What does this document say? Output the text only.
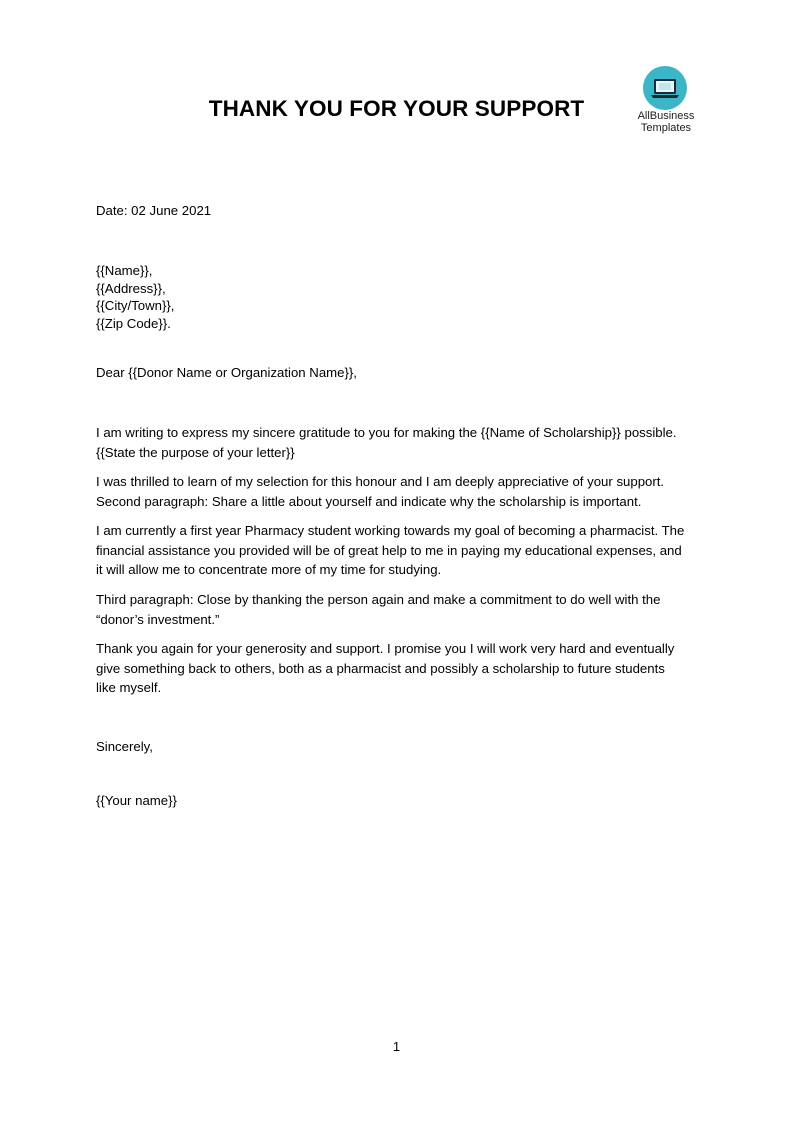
THANK YOU FOR YOUR SUPPORT	AllBusiness
Templates

Date: 02 June 2021

{{Name}},
{{Address}},
{{City/Town}},
{{Zip Code}}.

Dear {{Donor Name or Organization Name}},

I am writing to express my sincere gratitude to you for making the {{Name of Scholarship}} possible.
{{State the purpose of your letter}}
I was thrilled to learn of my selection for this honour and I am deeply appreciative of your support.
Second paragraph: Share a little about yourself and indicate why the scholarship is important.
I am currently a first year Pharmacy student working towards my goal of becoming a pharmacist. The
financial assistance you provided will be of great help to me in paying my educational expenses, and
it will allow me to concentrate more of my time for studying.
Third paragraph: Close by thanking the person again and make a commitment to do well with the
“donor’s investment.”
Thank you again for your generosity and support. I promise you I will work very hard and eventually
give something back to others, both as a pharmacist and possibly a scholarship to future students
like myself.

Sincerely,

{{Your name}}

1
